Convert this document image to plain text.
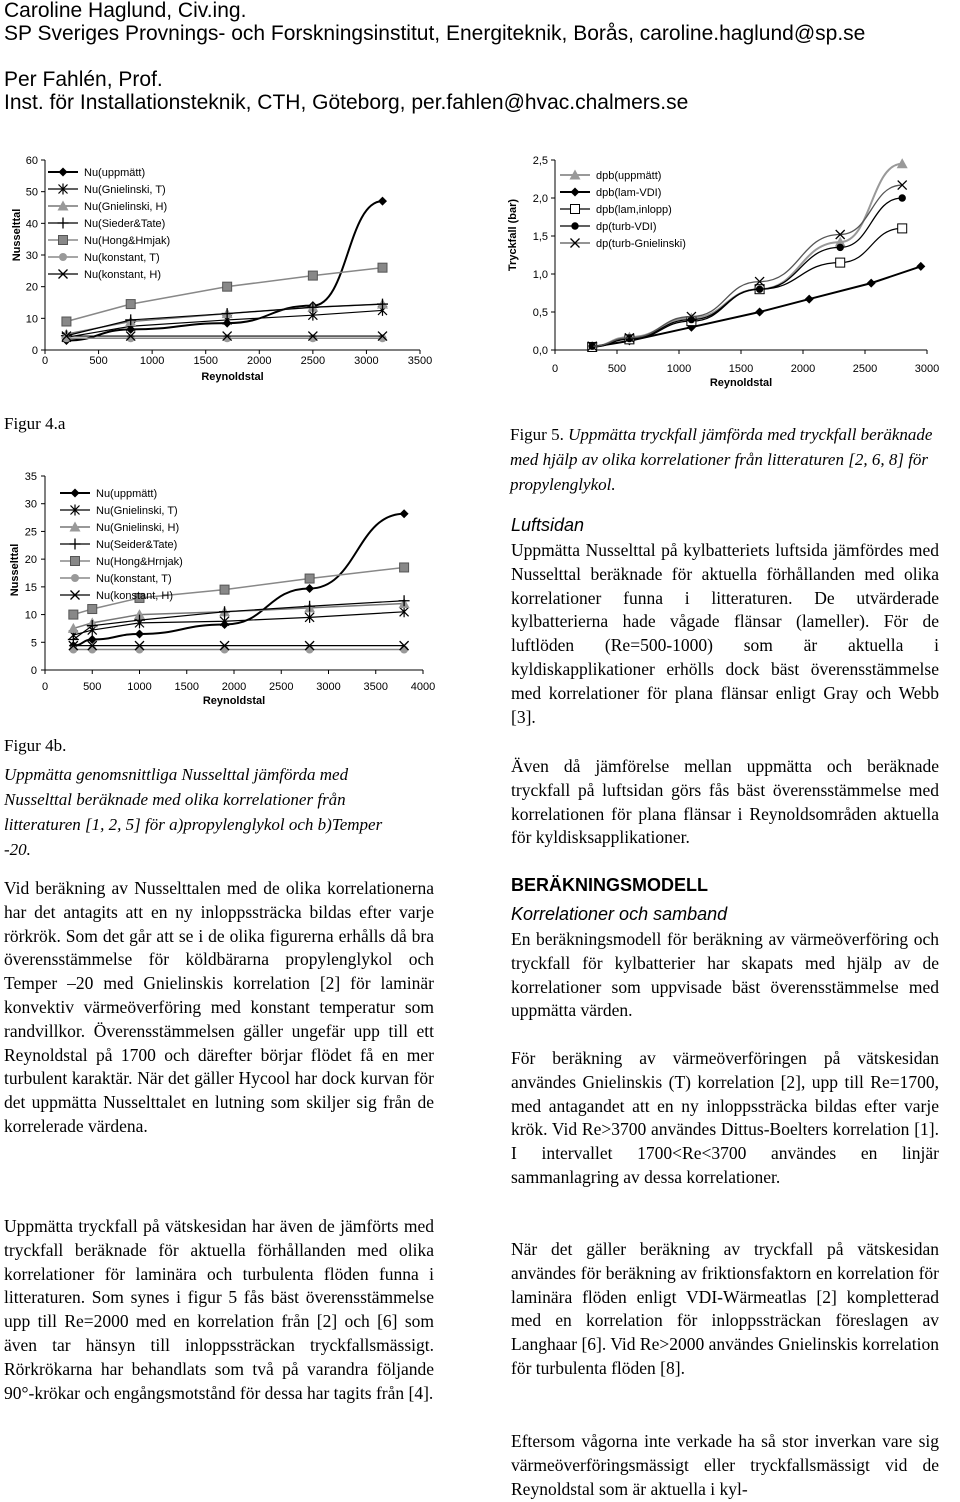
Caroline Haglund, Civ.ing.
SP Sveriges Provnings- och Forskningsinstitut, Energiteknik, Borås, caroline.haglund@sp.se
Per Fahlén, Prof.
Inst. för Installationsteknik, CTH, Göteborg, per.fahlen@hvac.chalmers.se
0
10
20
30
40
50
60
0	500	1000	1500	2000	2500	3000	3500
Reynoldstal
Nusselttal
Nu(uppmätt)
Nu(Gnielinski, T)
Nu(Gnielinski, H)
Nu(Sieder&Tate)
Nu(Hong&Hmjak)
Nu(konstant, T)
Nu(konstant, H)
0,0
0,5
1,0
1,5
2,0
2,5
0	500	1000	1500	2000	2500	3000
Reynoldstal
Tryckfall (bar)
dpb(uppmätt)
dpb(lam-VDI)
dpb(lam,inlopp)
dp(turb-VDI)
dp(turb-Gnielinski)
0
5
10
15
20
25
30
35
0	500 1000 1500 2000 2500 3000 3500 4000
Reynoldstal
Nusselttal
Nu(uppmätt)
Nu(Gnielinski, T)
Nu(Gnielinski, H)
Nu(Seider&Tate)
Nu(Hong&Hrnjak)
Nu(konstant, T)
Nu(konstant, H)
Figur 4.a
Figur 4b.
Uppmätta genomsnittliga Nusselttal jämförda med Nusselttal beräknade med olika korrelationer från litteraturen [1, 2, 5] för a)propylenglykol och b)Temper -20.
Figur 5. Uppmätta tryckfall jämförda med tryckfall beräknade med hjälp av olika korrelationer från litteraturen [2, 6, 8] för propylenglykol.
Vid beräkning av Nusselttalen med de olika korrelationerna har det antagits att en ny inloppssträcka bildas efter varje rörkrök. Som det går att se i de olika figurerna erhålls då bra överensstämmelse för köldbärarna propylenglykol och Temper –20 med Gnielinskis korrelation [2] för laminär konvektiv värmeöverföring med konstant temperatur som randvillkor. Överensstämmelsen gäller ungefär upp till ett Reynoldstal på 1700 och därefter börjar flödet få en mer turbulent karaktär. När det gäller Hycool har dock kurvan för det uppmätta Nusselttalet en lutning som skiljer sig från de korrelerade värdena.
Uppmätta tryckfall på vätskesidan har även de jämförts med tryckfall beräknade för aktuella förhållanden med olika korrelationer för laminära och turbulenta flöden funna i litteraturen. Som synes i figur 5 fås bäst överensstämmelse upp till Re=2000 med en korrelation från [2] och [6] som även tar hänsyn till inloppssträckan tryckfallsmässigt. Rörkrökarna har behandlats som två på varandra följande 90°-krökar och engångsmotstånd för dessa har tagits från [4].
Luftsidan
Uppmätta Nusselttal på kylbatteriets luftsida jämfördes med Nusselttal beräknade för aktuella förhållanden med olika korrelationer funna i litteraturen. De utvärderade kylbatterierna hade vågade flänsar (lameller). För de luftlöden (Re=500-1000) som är aktuella i kyldiskapplikationer erhölls dock bäst överensstämmelse med korrelationer för plana flänsar enligt Gray och Webb [3].
Även då jämförelse mellan uppmätta och beräknade tryckfall på luftsidan görs fås bäst överensstämmelse med korrelationen för plana flänsar i Reynoldsområden aktuella för kyldisksapplikationer.
BERÄKNINGSMODELL
Korrelationer och samband
En beräkningsmodell för beräkning av värmeöverföring och tryckfall för kylbatterier har skapats med hjälp av de korrelationer som uppvisade bäst överensstämmelse med uppmätta värden.
För beräkning av värmeöverföringen på vätskesidan användes Gnielinskis (T) korrelation [2], upp till Re=1700, med antagandet att en ny inloppssträcka bildas efter varje krök. Vid Re>3700 användes Dittus-Boelters korrelation [1]. I intervallet 1700<Re<3700 användes en linjär sammanlagring av dessa korrelationer.
När det gäller beräkning av tryckfall på vätskesidan användes för beräkning av friktionsfaktorn en korrelation för laminära flöden enligt VDI-Wärmeatlas [2] kompletterad med en korrelation för inloppssträckan föreslagen av Langhaar [6]. Vid Re>2000 användes Gnielinskis korrelation för turbulenta flöden [8].
Eftersom vågorna inte verkade ha så stor inverkan vare sig värmeöverföringsmässigt eller tryckfallsmässigt vid de Reynoldstal som är aktuella i kyl-
